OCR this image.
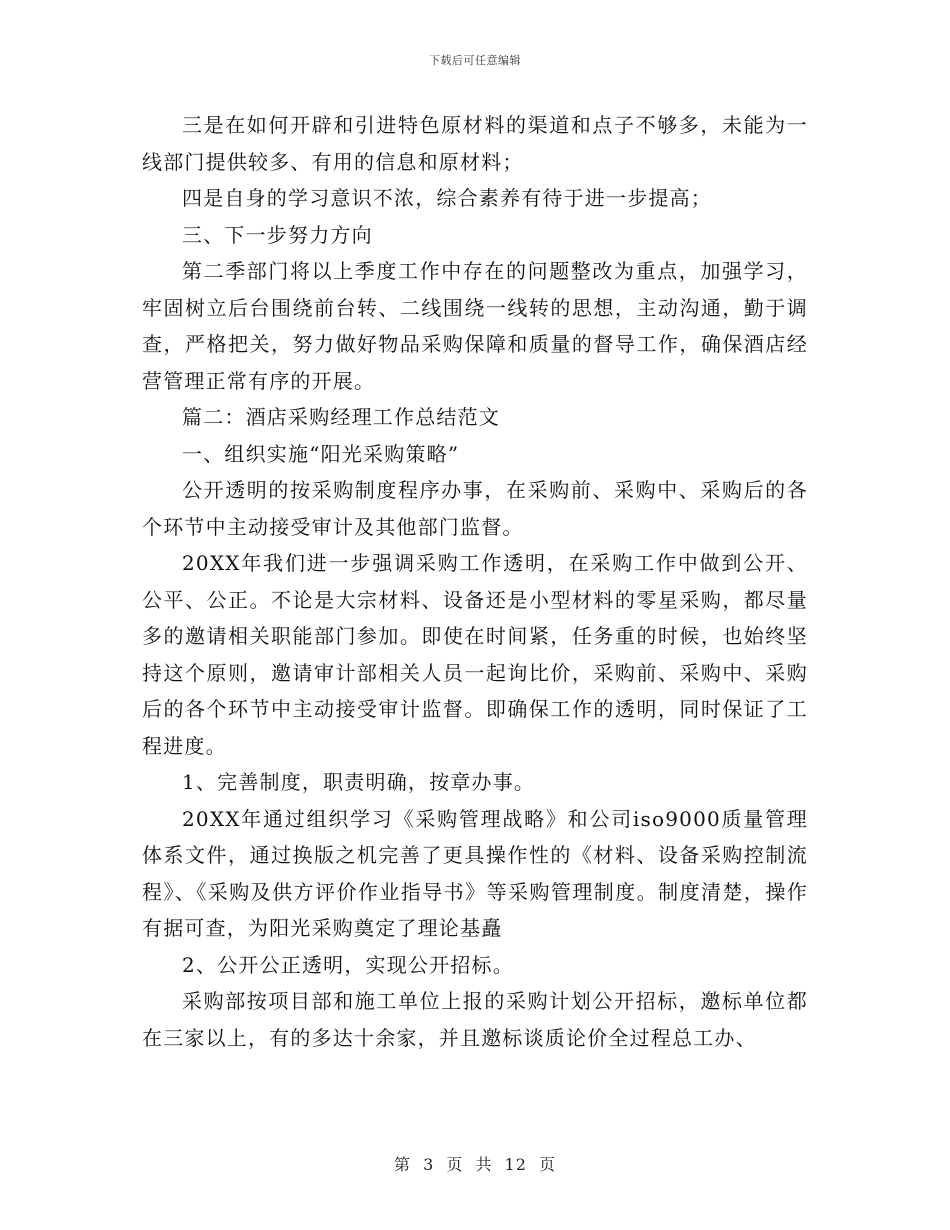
下载后可任意编辑

三是在如何开辟和引进特色原材料的渠道和点子不够多，未能为一线部门提供较多、有用的信息和原材料；

四是自身的学习意识不浓，综合素养有待于进一步提高；

三、下一步努力方向

第二季部门将以上季度工作中存在的问题整改为重点，加强学习，牢固树立后台围绕前台转、二线围绕一线转的思想，主动沟通，勤于调查，严格把关，努力做好物品采购保障和质量的督导工作，确保酒店经营管理正常有序的开展。

篇二：酒店采购经理工作总结范文

一、组织实施“阳光采购策略”

公开透明的按采购制度程序办事，在采购前、采购中、采购后的各个环节中主动接受审计及其他部门监督。

20XX年我们进一步强调采购工作透明，在采购工作中做到公开、公平、公正。不论是大宗材料、设备还是小型材料的零星采购，都尽量多的邀请相关职能部门参加。即使在时间紧，任务重的时候，也始终坚持这个原则，邀请审计部相关人员一起询比价，采购前、采购中、采购后的各个环节中主动接受审计监督。即确保工作的透明，同时保证了工程进度。

1、完善制度，职责明确，按章办事。

20XX年通过组织学习《采购管理战略》和公司iso9000质量管理体系文件，通过换版之机完善了更具操作性的《材料、设备采购控制流程》、《采购及供方评价作业指导书》等采购管理制度。制度清楚，操作有据可查，为阳光采购奠定了理论基矗

2、公开公正透明，实现公开招标。

采购部按项目部和施工单位上报的采购计划公开招标，邀标单位都在三家以上，有的多达十余家，并且邀标谈质论价全过程总工办、

第 3 页 共 12 页
